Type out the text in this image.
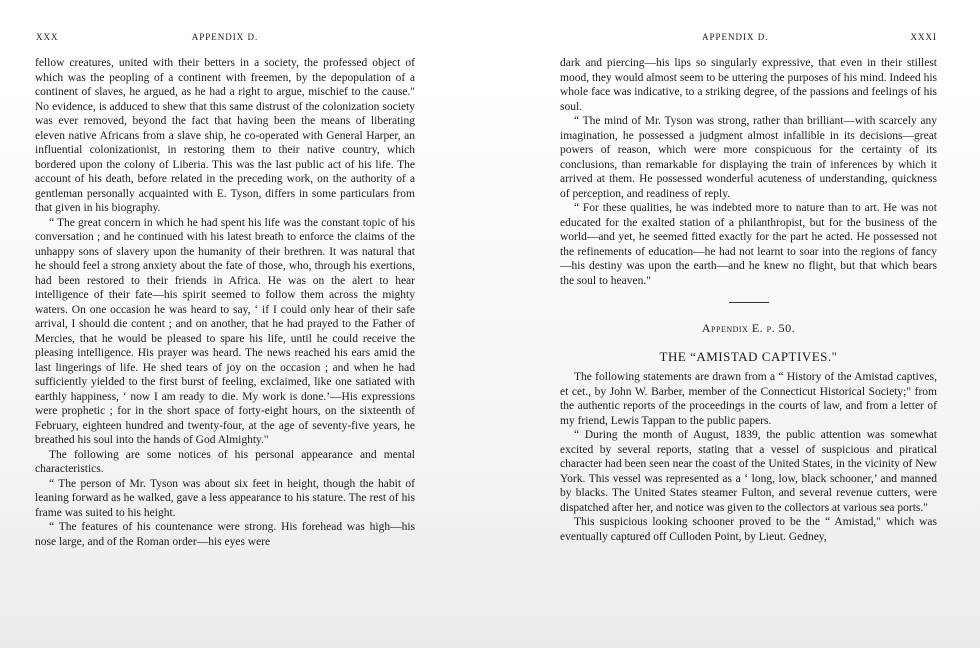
XXX	APPENDIX D.

fellow creatures, united with their betters in a society, the professed object of which was the peopling of a continent with freemen, by the depopulation of a continent of slaves, he argued, as he had a right to argue, mischief to the cause." No evidence, is adduced to shew that this same distrust of the colonization society was ever removed, beyond the fact that having been the means of liberating eleven native Africans from a slave ship, he co-operated with General Harper, an influential colonizationist, in restoring them to their native country, which bordered upon the colony of Liberia. This was the last public act of his life. The account of his death, before related in the preceding work, on the authority of a gentleman personally acquainted with E. Tyson, differs in some particulars from that given in his biography.

“ The great concern in which he had spent his life was the constant topic of his conversation ; and he continued with his latest breath to enforce the claims of the unhappy sons of slavery upon the humanity of their brethren. It was natural that he should feel a strong anxiety about the fate of those, who, through his exertions, had been restored to their friends in Africa. He was on the alert to hear intelligence of their fate—his spirit seemed to follow them across the mighty waters. On one occasion he was heard to say, ‘ if I could only hear of their safe arrival, I should die content ; and on another, that he had prayed to the Father of Mercies, that he would be pleased to spare his life, until he could receive the pleasing intelligence. His prayer was heard. The news reached his ears amid the last lingerings of life. He shed tears of joy on the occasion ; and when he had sufficiently yielded to the first burst of feeling, exclaimed, like one satiated with earthly happiness, ‘ now I am ready to die. My work is done.’—His expressions were prophetic ; for in the short space of forty-eight hours, on the sixteenth of February, eighteen hundred and twenty-four, at the age of seventy-five years, he breathed his soul into the hands of God Almighty."

The following are some notices of his personal appearance and mental characteristics.

“ The person of Mr. Tyson was about six feet in height, though the habit of leaning forward as he walked, gave a less appearance to his stature. The rest of his frame was suited to his height.

“ The features of his countenance were strong. His forehead was high—his nose large, and of the Roman order—his eyes were

APPENDIX D.	XXXI

dark and piercing—his lips so singularly expressive, that even in their stillest mood, they would almost seem to be uttering the purposes of his mind. Indeed his whole face was indicative, to a striking degree, of the passions and feelings of his soul.

“ The mind of Mr. Tyson was strong, rather than brilliant—with scarcely any imagination, he possessed a judgment almost infallible in its decisions—great powers of reason, which were more conspicuous for the certainty of its conclusions, than remarkable for displaying the train of inferences by which it arrived at them. He possessed wonderful acuteness of understanding, quickness of perception, and readiness of reply.

“ For these qualities, he was indebted more to nature than to art. He was not educated for the exalted station of a philanthropist, but for the business of the world—and yet, he seemed fitted exactly for the part he acted. He possessed not the refinements of education—he had not learnt to soar into the regions of fancy—his destiny was upon the earth—and he knew no flight, but that which bears the soul to heaven."

Appendix E. p. 50.
THE “AMISTAD CAPTIVES."

The following statements are drawn from a “ History of the Amistad captives, et cet., by John W. Barber, member of the Connecticut Historical Society;" from the authentic reports of the proceedings in the courts of law, and from a letter of my friend, Lewis Tappan to the public papers.

“ During the month of August, 1839, the public attention was somewhat excited by several reports, stating that a vessel of suspicious and piratical character had been seen near the coast of the United States, in the vicinity of New York. This vessel was represented as a ‘ long, low, black schooner,’ and manned by blacks. The United States steamer Fulton, and several revenue cutters, were dispatched after her, and notice was given to the collectors at various sea ports."

This suspicious looking schooner proved to be the “ Amistad," which was eventually captured off Culloden Point, by Lieut. Gedney,
